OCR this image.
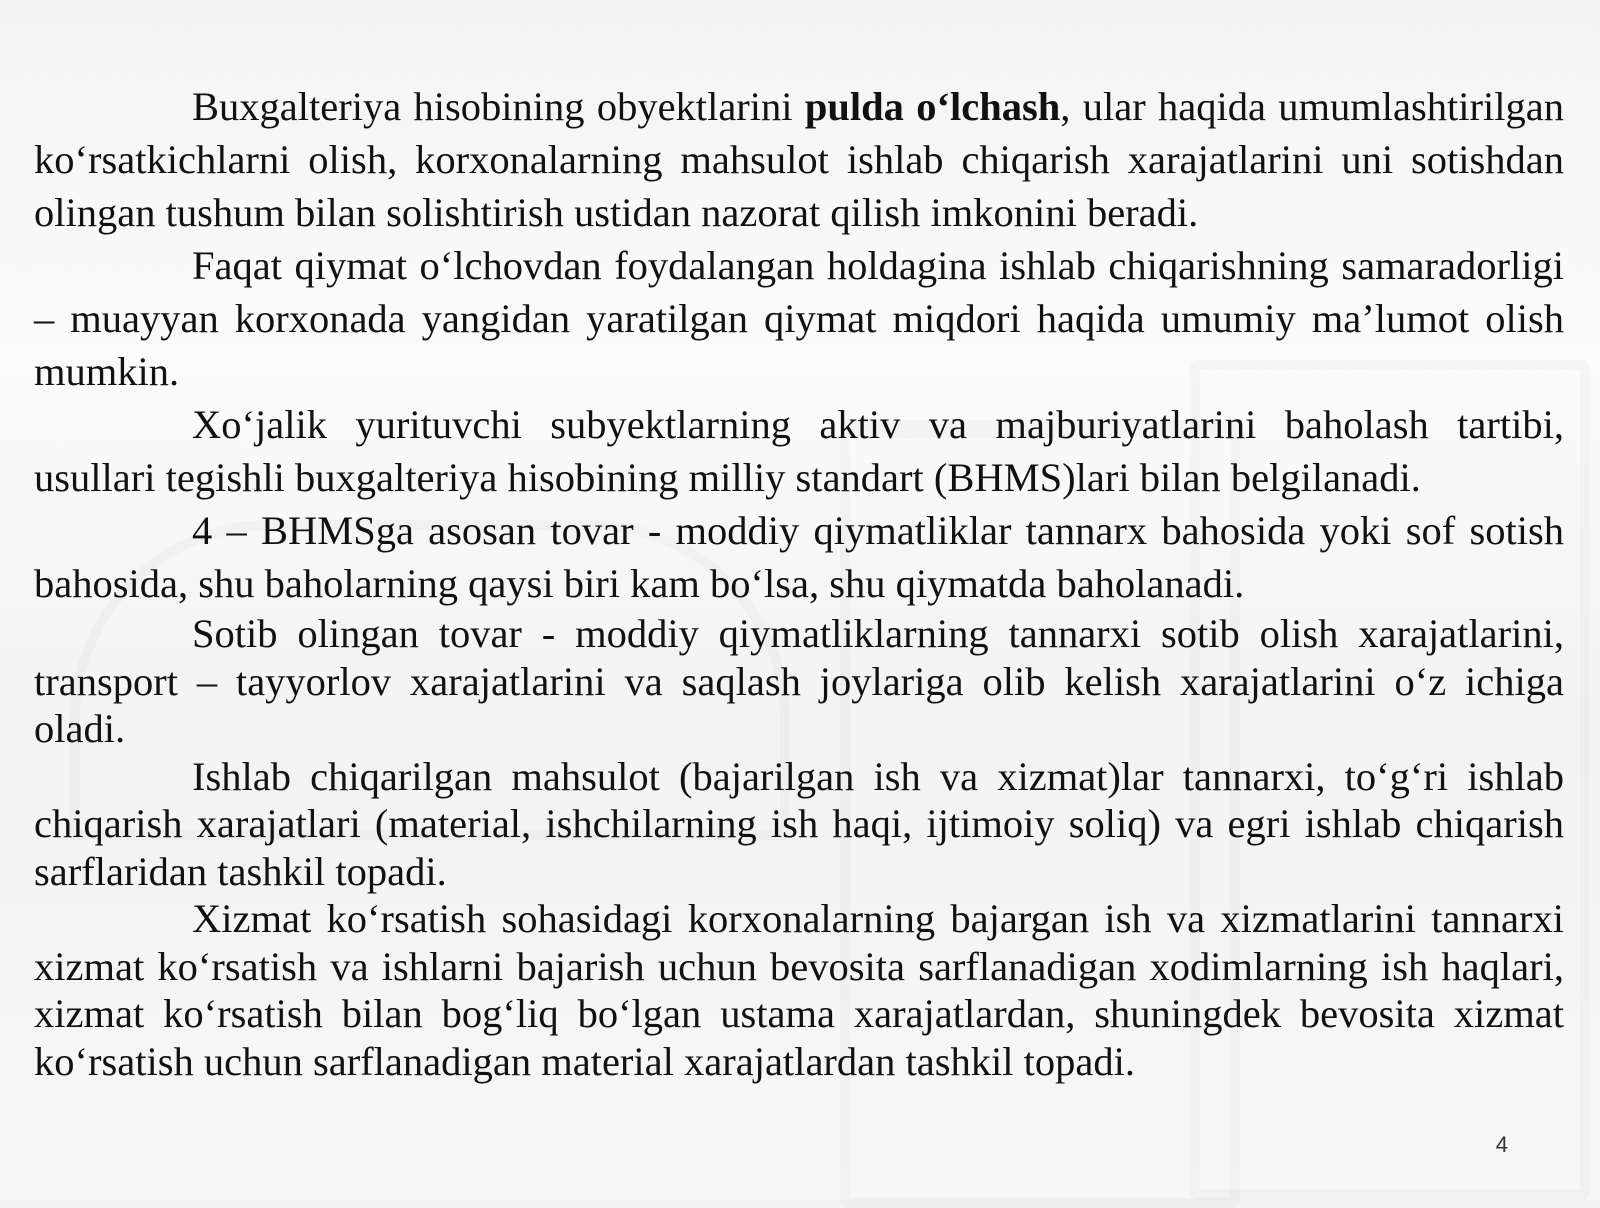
Buxgalteriya hisobining obyektlarini pulda o‘lchash, ular haqida umumlashtirilgan ko‘rsatkichlarni olish, korxonalarning mahsulot ishlab chiqarish xarajatlarini uni sotishdan olingan tushum bilan solishtirish ustidan nazorat qilish imkonini beradi.

Faqat qiymat o‘lchovdan foydalangan holdagina ishlab chiqarishning samaradorligi – muayyan korxonada yangidan yaratilgan qiymat miqdori haqida umumiy ma’lumot olish mumkin.

Xo‘jalik yurituvchi subyektlarning aktiv va majburiyatlarini baholash tartibi, usullari tegishli buxgalteriya hisobining milliy standart (BHMS)lari bilan belgilanadi.

4 – BHMSga asosan tovar - moddiy qiymatliklar tannarx bahosida yoki sof sotish bahosida, shu baholarning qaysi biri kam bo‘lsa, shu qiymatda baholanadi.

Sotib olingan tovar - moddiy qiymatliklarning tannarxi sotib olish xarajatlarini, transport – tayyorlov xarajatlarini va saqlash joylariga olib kelish xarajatlarini o‘z ichiga oladi.

Ishlab chiqarilgan mahsulot (bajarilgan ish va xizmat)lar tannarxi, to‘g‘ri ishlab chiqarish xarajatlari (material, ishchilarning ish haqi, ijtimoiy soliq) va egri ishlab chiqarish sarflaridan tashkil topadi.

Xizmat ko‘rsatish sohasidagi korxonalarning bajargan ish va xizmatlarini tannarxi xizmat ko‘rsatish va ishlarni bajarish uchun bevosita sarflanadigan xodimlarning ish haqlari, xizmat ko‘rsatish bilan bog‘liq bo‘lgan ustama xarajatlardan, shuningdek bevosita xizmat ko‘rsatish uchun sarflanadigan material xarajatlardan tashkil topadi.

4
